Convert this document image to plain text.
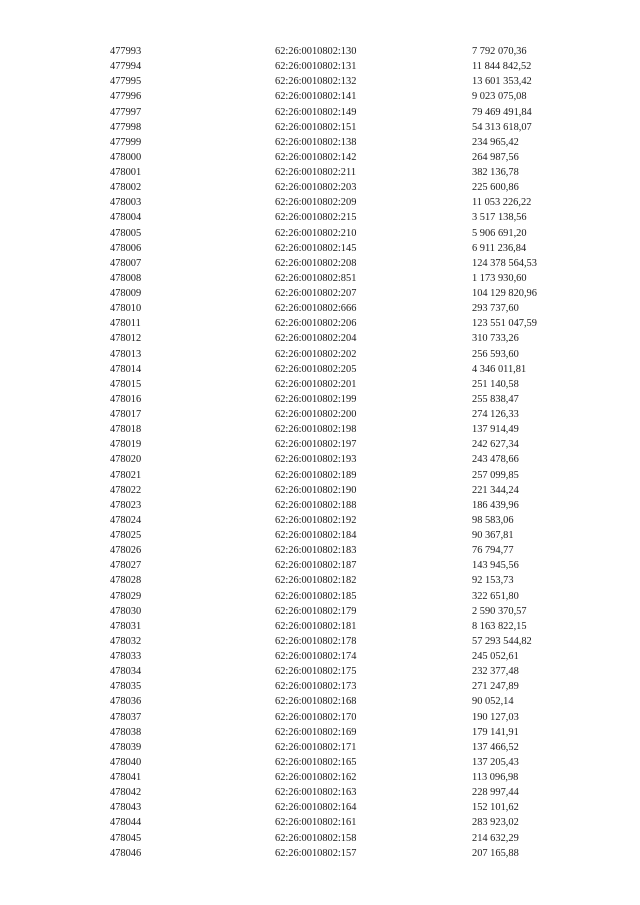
477993	62:26:0010802:130	7 792 070,36
477994	62:26:0010802:131	11 844 842,52
477995	62:26:0010802:132	13 601 353,42
477996	62:26:0010802:141	9 023 075,08
477997	62:26:0010802:149	79 469 491,84
477998	62:26:0010802:151	54 313 618,07
477999	62:26:0010802:138	234 965,42
478000	62:26:0010802:142	264 987,56
478001	62:26:0010802:211	382 136,78
478002	62:26:0010802:203	225 600,86
478003	62:26:0010802:209	11 053 226,22
478004	62:26:0010802:215	3 517 138,56
478005	62:26:0010802:210	5 906 691,20
478006	62:26:0010802:145	6 911 236,84
478007	62:26:0010802:208	124 378 564,53
478008	62:26:0010802:851	1 173 930,60
478009	62:26:0010802:207	104 129 820,96
478010	62:26:0010802:666	293 737,60
478011	62:26:0010802:206	123 551 047,59
478012	62:26:0010802:204	310 733,26
478013	62:26:0010802:202	256 593,60
478014	62:26:0010802:205	4 346 011,81
478015	62:26:0010802:201	251 140,58
478016	62:26:0010802:199	255 838,47
478017	62:26:0010802:200	274 126,33
478018	62:26:0010802:198	137 914,49
478019	62:26:0010802:197	242 627,34
478020	62:26:0010802:193	243 478,66
478021	62:26:0010802:189	257 099,85
478022	62:26:0010802:190	221 344,24
478023	62:26:0010802:188	186 439,96
478024	62:26:0010802:192	98 583,06
478025	62:26:0010802:184	90 367,81
478026	62:26:0010802:183	76 794,77
478027	62:26:0010802:187	143 945,56
478028	62:26:0010802:182	92 153,73
478029	62:26:0010802:185	322 651,80
478030	62:26:0010802:179	2 590 370,57
478031	62:26:0010802:181	8 163 822,15
478032	62:26:0010802:178	57 293 544,82
478033	62:26:0010802:174	245 052,61
478034	62:26:0010802:175	232 377,48
478035	62:26:0010802:173	271 247,89
478036	62:26:0010802:168	90 052,14
478037	62:26:0010802:170	190 127,03
478038	62:26:0010802:169	179 141,91
478039	62:26:0010802:171	137 466,52
478040	62:26:0010802:165	137 205,43
478041	62:26:0010802:162	113 096,98
478042	62:26:0010802:163	228 997,44
478043	62:26:0010802:164	152 101,62
478044	62:26:0010802:161	283 923,02
478045	62:26:0010802:158	214 632,29
478046	62:26:0010802:157	207 165,88
